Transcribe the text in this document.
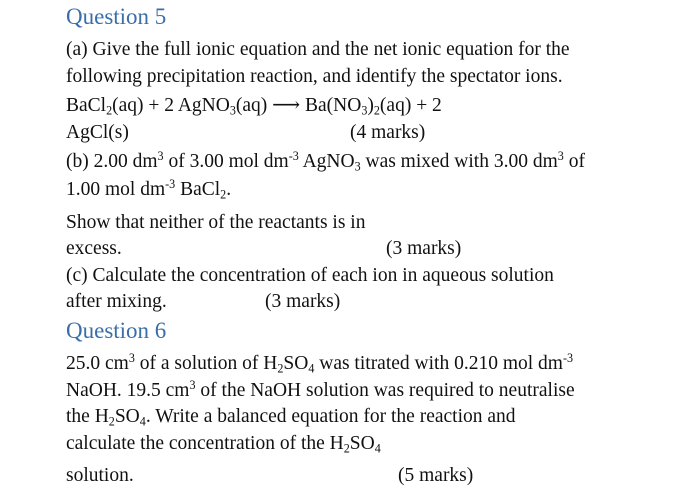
Question 5
(a) Give the full ionic equation and the net ionic equation for the
following precipitation reaction, and identify the spectator ions.
BaCl$_2$(aq) + 2 AgNO$_3$(aq) ⟶ $Ba(NO_3)_2(aq) + 2$
AgCl(s)	(4 marks)
(b) 2.00 $dm^3$ of 3.00 mol $dm^{-3}$ AgNO$_3$ was mixed with 3.00 $dm^3$ of
1.00 mol $dm^{-3}$ BaCl$_2$.
Show that neither of the reactants is in
excess.	(3 marks)
(c) Calculate the concentration of each ion in aqueous solution
after mixing.	(3 marks)
Question 6
25.0 $cm^3$ of a solution of $H_2SO_4$ was titrated with 0.210 mol $dm^{-3}$
NaOH. 19.5 $cm^3$ of the NaOH solution was required to neutralise
the $H_2SO_4$. Write a balanced equation for the reaction and
calculate the concentration of the $H_2SO_4$
solution.	(5 marks)
